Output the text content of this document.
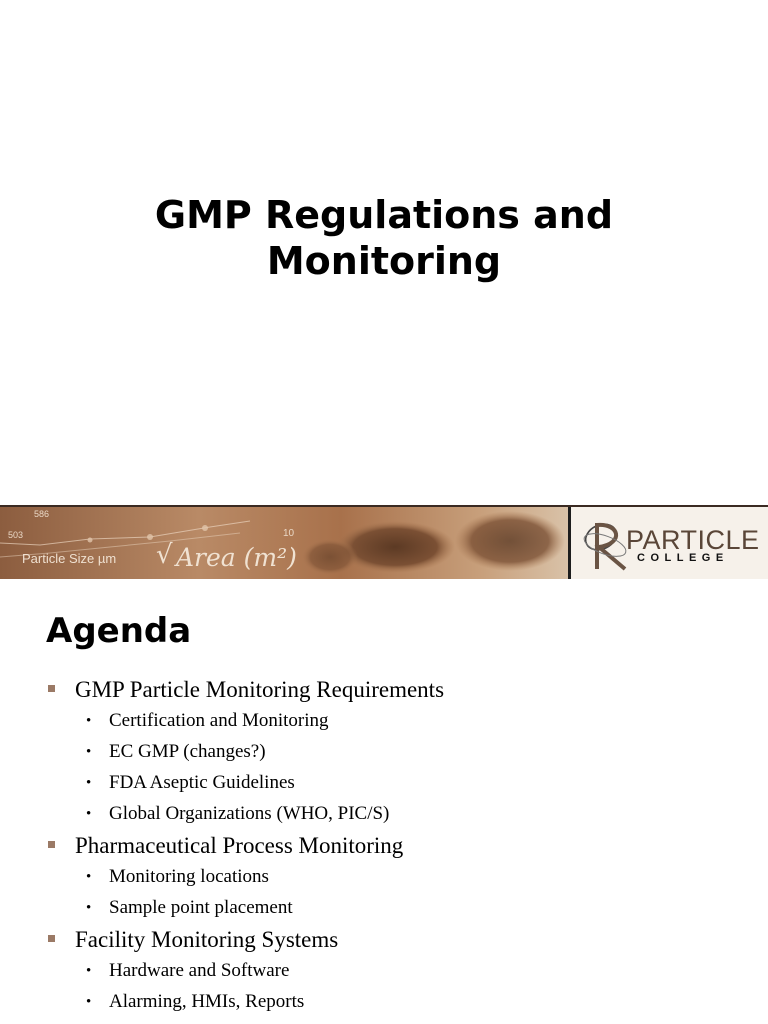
GMP Regulations and
Monitoring
586
503	10
Particle Size µm √ Area (m²)
PARTICLE
COLLEGE
Agenda
GMP Particle Monitoring Requirements
• Certification and Monitoring
• EC GMP (changes?)
• FDA Aseptic Guidelines
• Global Organizations (WHO, PIC/S)
Pharmaceutical Process Monitoring
• Monitoring locations
• Sample point placement
Facility Monitoring Systems
• Hardware and Software
• Alarming, HMIs, Reports
